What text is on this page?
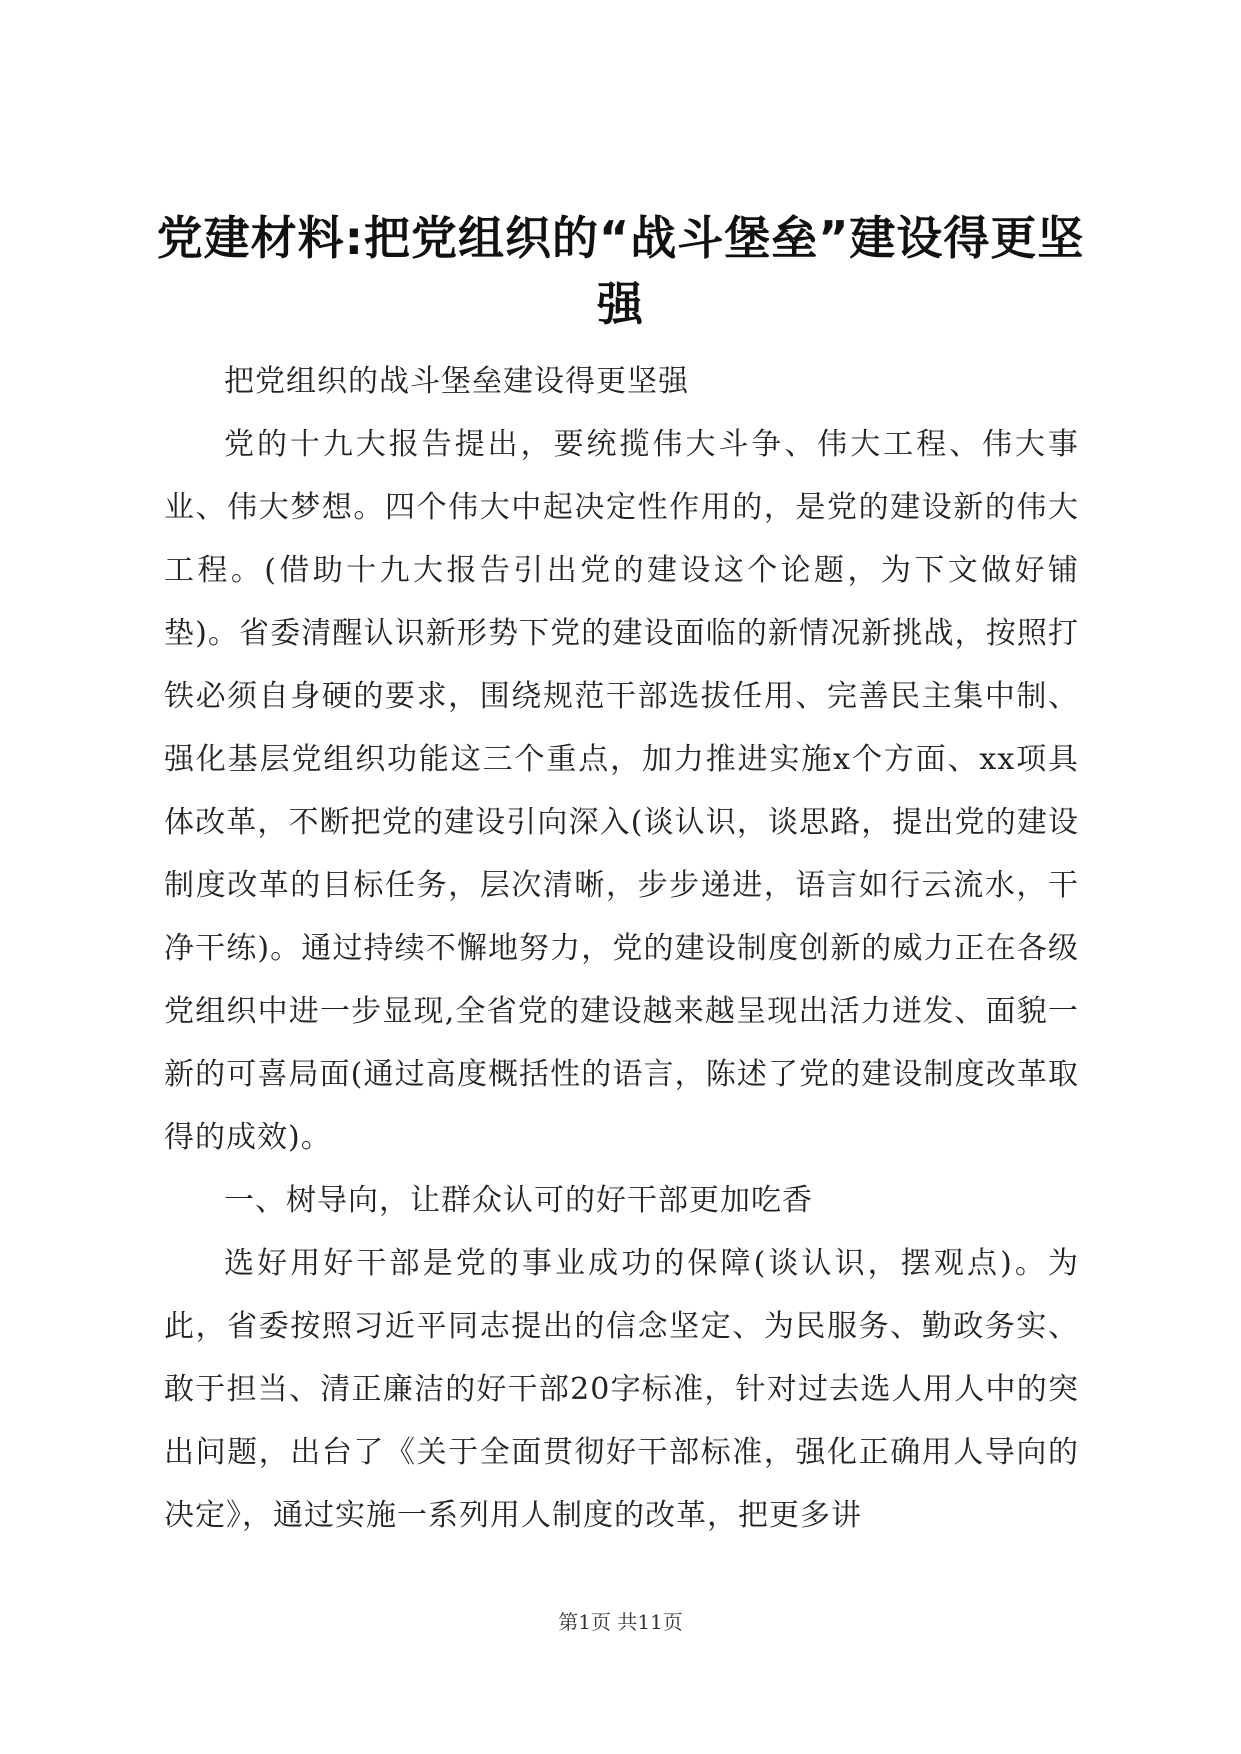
党建材料:把党组织的“战斗堡垒”建设得更坚强

把党组织的战斗堡垒建设得更坚强

党的十九大报告提出，要统揽伟大斗争、伟大工程、伟大事业、伟大梦想。四个伟大中起决定性作用的，是党的建设新的伟大工程。(借助十九大报告引出党的建设这个论题，为下文做好铺垫)。省委清醒认识新形势下党的建设面临的新情况新挑战，按照打铁必须自身硬的要求，围绕规范干部选拔任用、完善民主集中制、强化基层党组织功能这三个重点，加力推进实施x个方面、xx项具体改革，不断把党的建设引向深入(谈认识，谈思路，提出党的建设制度改革的目标任务，层次清晰，步步递进，语言如行云流水，干净干练)。通过持续不懈地努力，党的建设制度创新的威力正在各级党组织中进一步显现,全省党的建设越来越呈现出活力迸发、面貌一新的可喜局面(通过高度概括性的语言，陈述了党的建设制度改革取得的成效)。

一、树导向，让群众认可的好干部更加吃香

选好用好干部是党的事业成功的保障(谈认识，摆观点)。为此，省委按照习近平同志提出的信念坚定、为民服务、勤政务实、敢于担当、清正廉洁的好干部20字标准，针对过去选人用人中的突出问题，出台了《关于全面贯彻好干部标准，强化正确用人导向的决定》，通过实施一系列用人制度的改革，把更多讲

第1页 共11页
